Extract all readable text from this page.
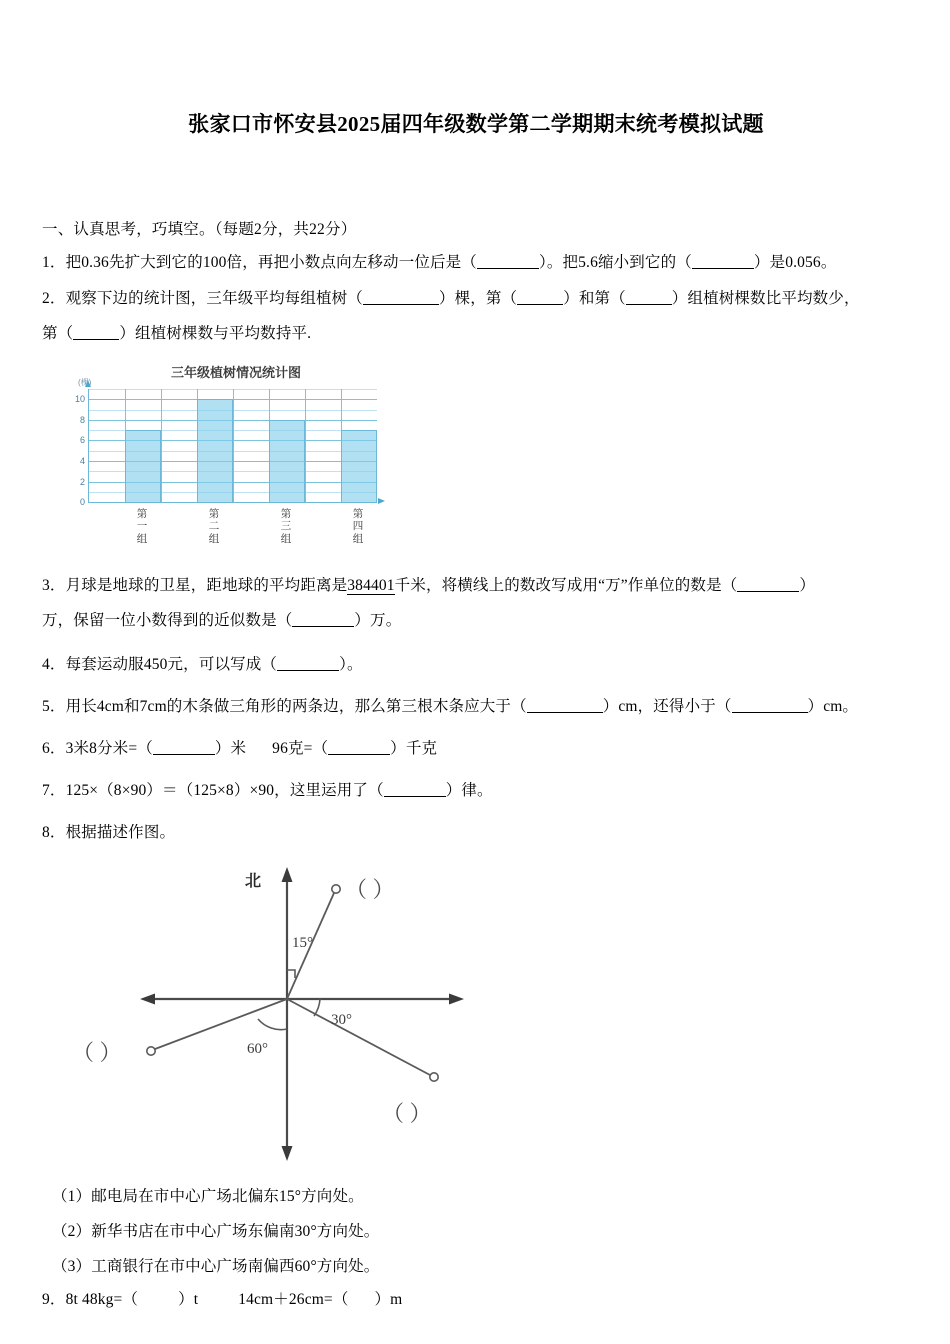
张家口市怀安县2025届四年级数学第二学期期末统考模拟试题
一、认真思考，巧填空。（每题2分，共22分）
1．把0.36先扩大到它的100倍，再把小数点向左移动一位后是（	）。把5.6缩小到它的（	）是0.056。
2．观察下边的统计图，三年级平均每组植树（	）棵，第（	）和第（	）组植树棵数比平均数少，
第（	）组植树棵数与平均数持平.
三年级植树情况统计图
(棵)
0
2
4
6
8
10
第
一
组
第
二
组
第
三
组
第
四
组
3．月球是地球的卫星，距地球的平均距离是384401千米，将横线上的数改写成用“万”作单位的数是（	）
万，保留一位小数得到的近似数是（	）万。
4．每套运动服450元，可以写成（	）。
5．用长4cm和7cm的木条做三角形的两条边，那么第三根木条应大于（	）cm，还得小于（	）cm。
6．3米8分米=（	）米 96克=（	）千克
7．125×（8×90）＝（125×8）×90，这里运用了（	）律。
8．根据描述作图。
北
15°
30°
60°
（ ）
（ ）
（ ）
（1）邮电局在市中心广场北偏东15°方向处。
（2）新华书店在市中心广场东偏南30°方向处。
（3）工商银行在市中心广场南偏西60°方向处。
9．8t 48kg=（	）t	14cm＋26cm=（ ）m
